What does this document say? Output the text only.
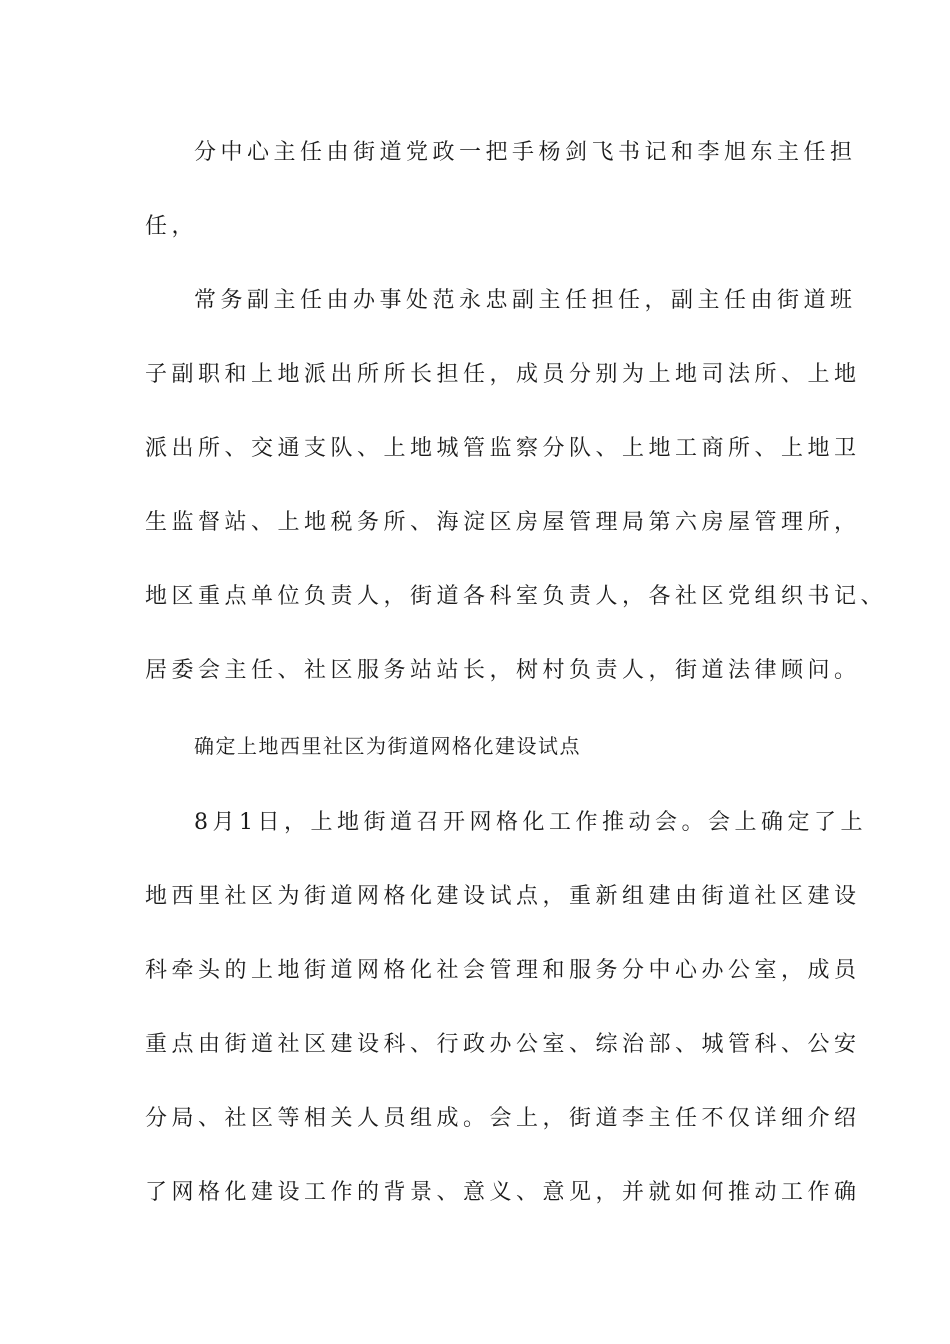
分中心主任由街道党政一把手杨剑飞书记和李旭东主任担

任，

常务副主任由办事处范永忠副主任担任，副主任由街道班

子副职和上地派出所所长担任，成员分别为上地司法所、上地

派出所、交通支队、上地城管监察分队、上地工商所、上地卫

生监督站、上地税务所、海淀区房屋管理局第六房屋管理所，

地区重点单位负责人，街道各科室负责人，各社区党组织书记、

居委会主任、社区服务站站长，树村负责人，街道法律顾问。

确定上地西里社区为街道网格化建设试点

8月1日，上地街道召开网格化工作推动会。会上确定了上

地西里社区为街道网格化建设试点，重新组建由街道社区建设

科牵头的上地街道网格化社会管理和服务分中心办公室，成员

重点由街道社区建设科、行政办公室、综治部、城管科、公安

分局、社区等相关人员组成。会上，街道李主任不仅详细介绍

了网格化建设工作的背景、意义、意见，并就如何推动工作确
